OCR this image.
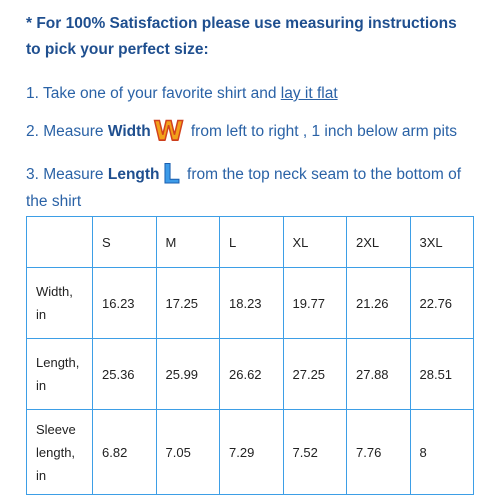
* For 100% Satisfaction please use measuring instructions
to pick your perfect size:
1. Take one of your favorite shirt and lay it flat
2. Measure Width W from left to right , 1 inch below arm pits
3. Measure Length L from the top neck seam to the bottom of
the shirt
	S	M	L	XL	2XL	3XL
Width, in	16.23	17.25	18.23	19.77	21.26	22.76
Length, in	25.36	25.99	26.62	27.25	27.88	28.51
Sleeve length, in	6.82	7.05	7.29	7.52	7.76	8
